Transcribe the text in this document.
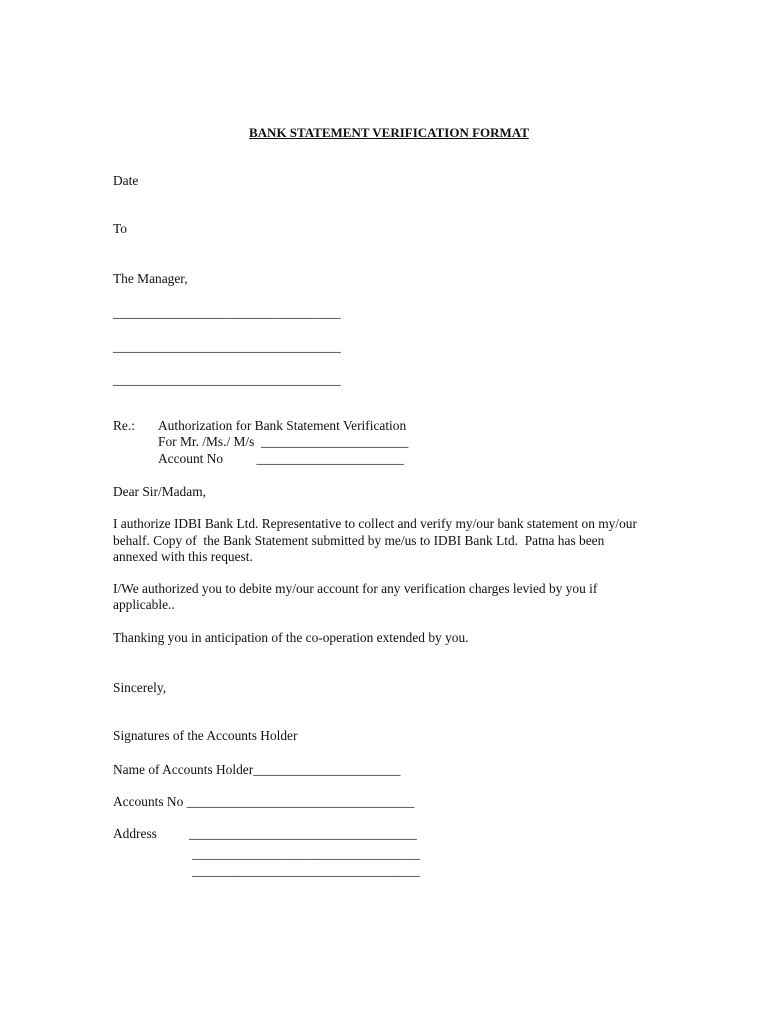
BANK STATEMENT VERIFICATION FORMAT
Date
To
The Manager,
__________________________________
__________________________________
__________________________________
Re.: Authorization for Bank Statement Verification
For Mr. /Ms./ M/s  ______________________
Account No          ______________________
Dear Sir/Madam,
I authorize IDBI Bank Ltd. Representative to collect and verify my/our bank statement on my/our
behalf. Copy of  the Bank Statement submitted by me/us to IDBI Bank Ltd.  Patna has been
annexed with this request.
I/We authorized you to debite my/our account for any verification charges levied by you if
applicable..
Thanking you in anticipation of the co-operation extended by you.
Sincerely,
Signatures of the Accounts Holder
Name of Accounts Holder______________________
Accounts No __________________________________
Address __________________________________
__________________________________
__________________________________
